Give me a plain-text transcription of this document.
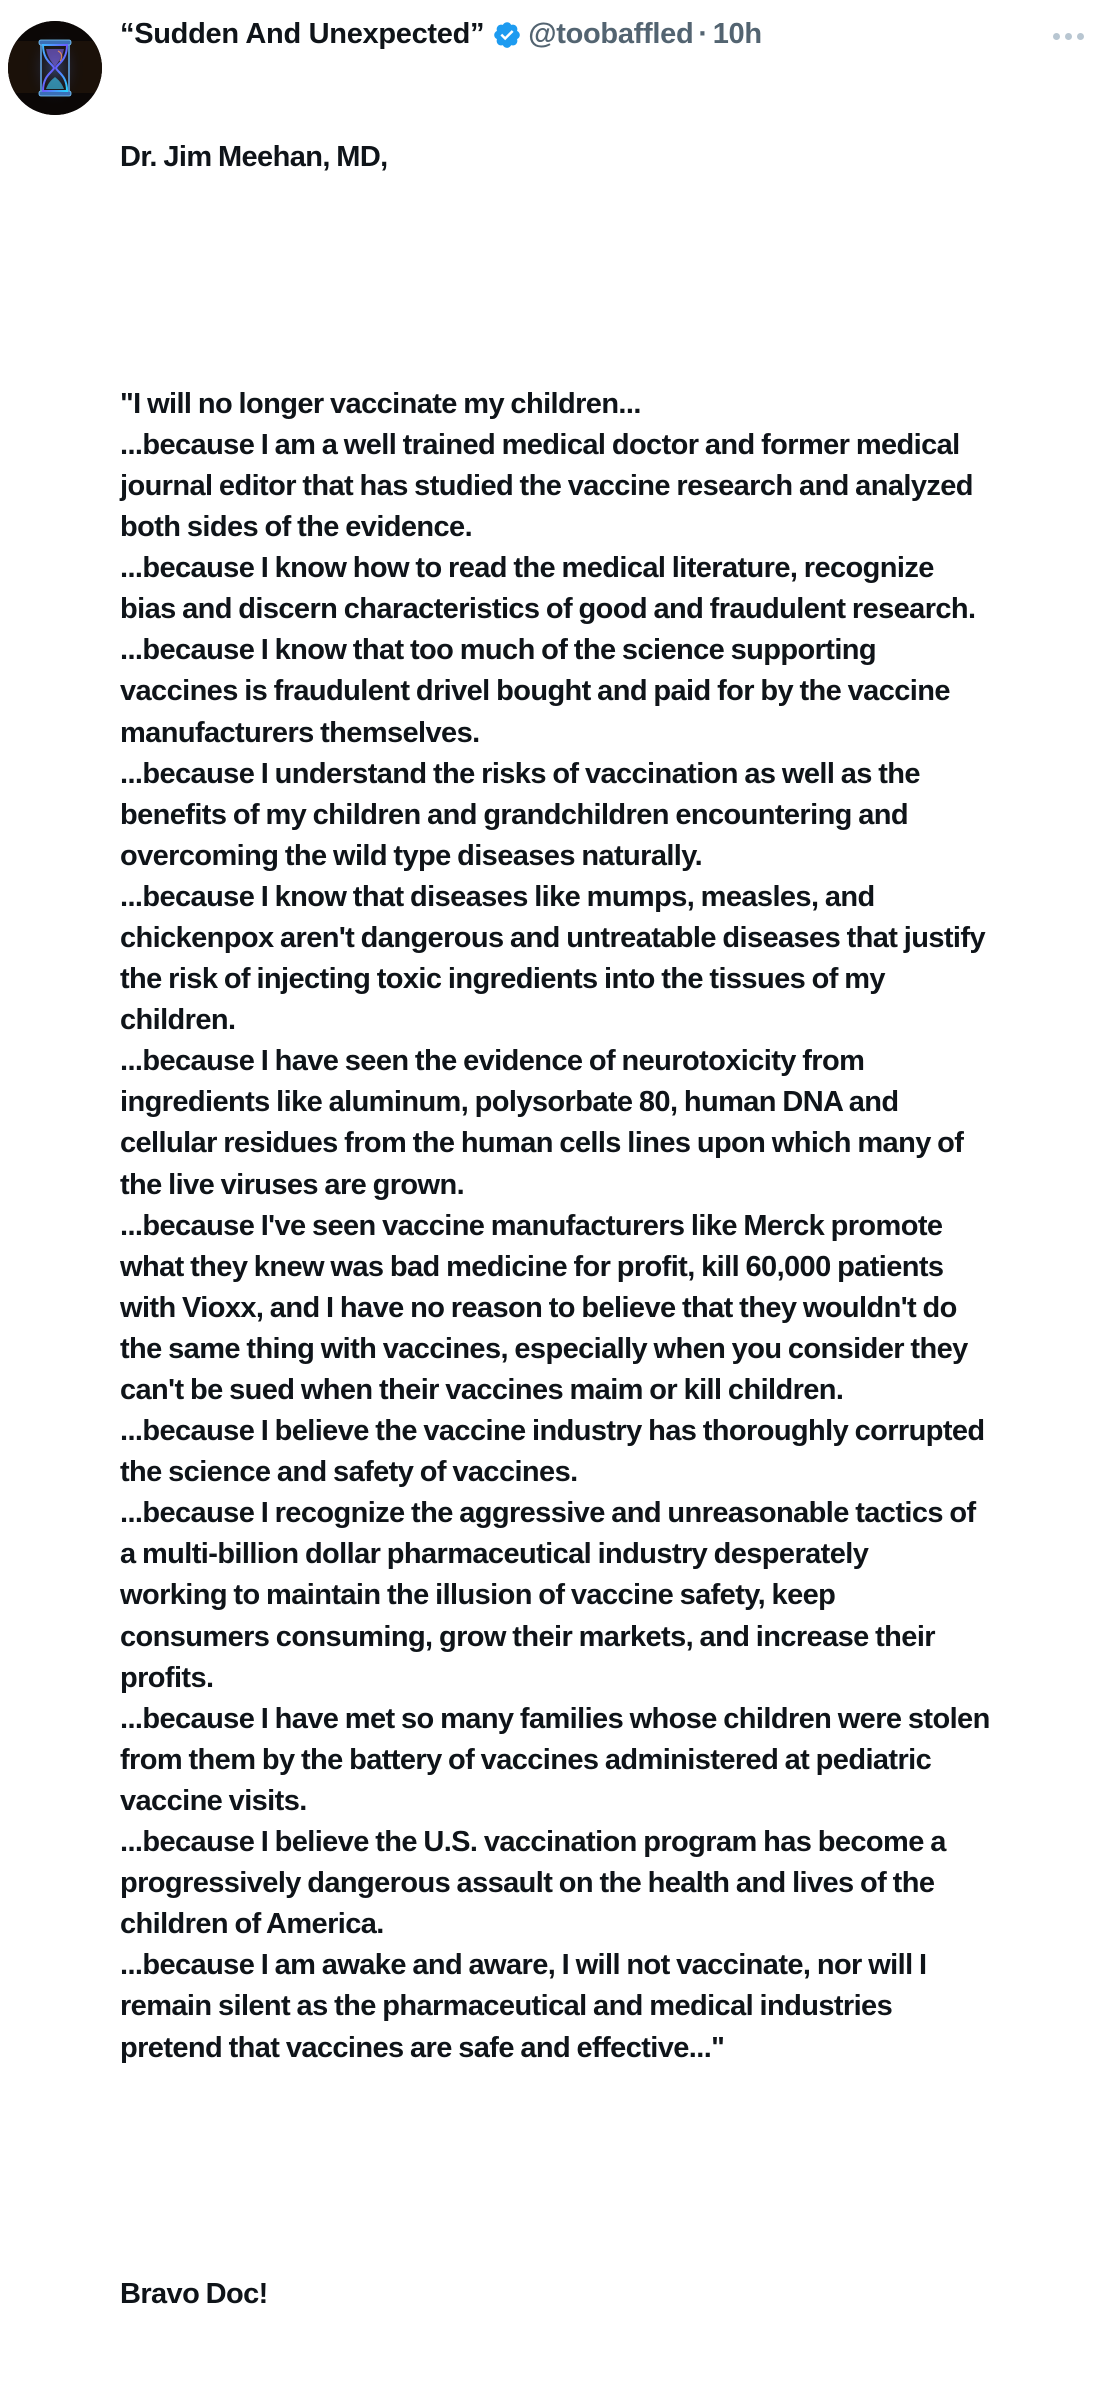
“Sudden And Unexpected” @toobaffled · 10h

Dr. Jim Meehan, MD,

"I will no longer vaccinate my children...
...because I am a well trained medical doctor and former medical
journal editor that has studied the vaccine research and analyzed
both sides of the evidence.
...because I know how to read the medical literature, recognize
bias and discern characteristics of good and fraudulent research.
...because I know that too much of the science supporting
vaccines is fraudulent drivel bought and paid for by the vaccine
manufacturers themselves.
...because I understand the risks of vaccination as well as the
benefits of my children and grandchildren encountering and
overcoming the wild type diseases naturally.
...because I know that diseases like mumps, measles, and
chickenpox aren't dangerous and untreatable diseases that justify
the risk of injecting toxic ingredients into the tissues of my
children.
...because I have seen the evidence of neurotoxicity from
ingredients like aluminum, polysorbate 80, human DNA and
cellular residues from the human cells lines upon which many of
the live viruses are grown.
...because I've seen vaccine manufacturers like Merck promote
what they knew was bad medicine for profit, kill 60,000 patients
with Vioxx, and I have no reason to believe that they wouldn't do
the same thing with vaccines, especially when you consider they
can't be sued when their vaccines maim or kill children.
...because I believe the vaccine industry has thoroughly corrupted
the science and safety of vaccines.
...because I recognize the aggressive and unreasonable tactics of
a multi-billion dollar pharmaceutical industry desperately
working to maintain the illusion of vaccine safety, keep
consumers consuming, grow their markets, and increase their
profits.
...because I have met so many families whose children were stolen
from them by the battery of vaccines administered at pediatric
vaccine visits.
...because I believe the U.S. vaccination program has become a
progressively dangerous assault on the health and lives of the
children of America.
...because I am awake and aware, I will not vaccinate, nor will I
remain silent as the pharmaceutical and medical industries
pretend that vaccines are safe and effective..."

Bravo Doc!
